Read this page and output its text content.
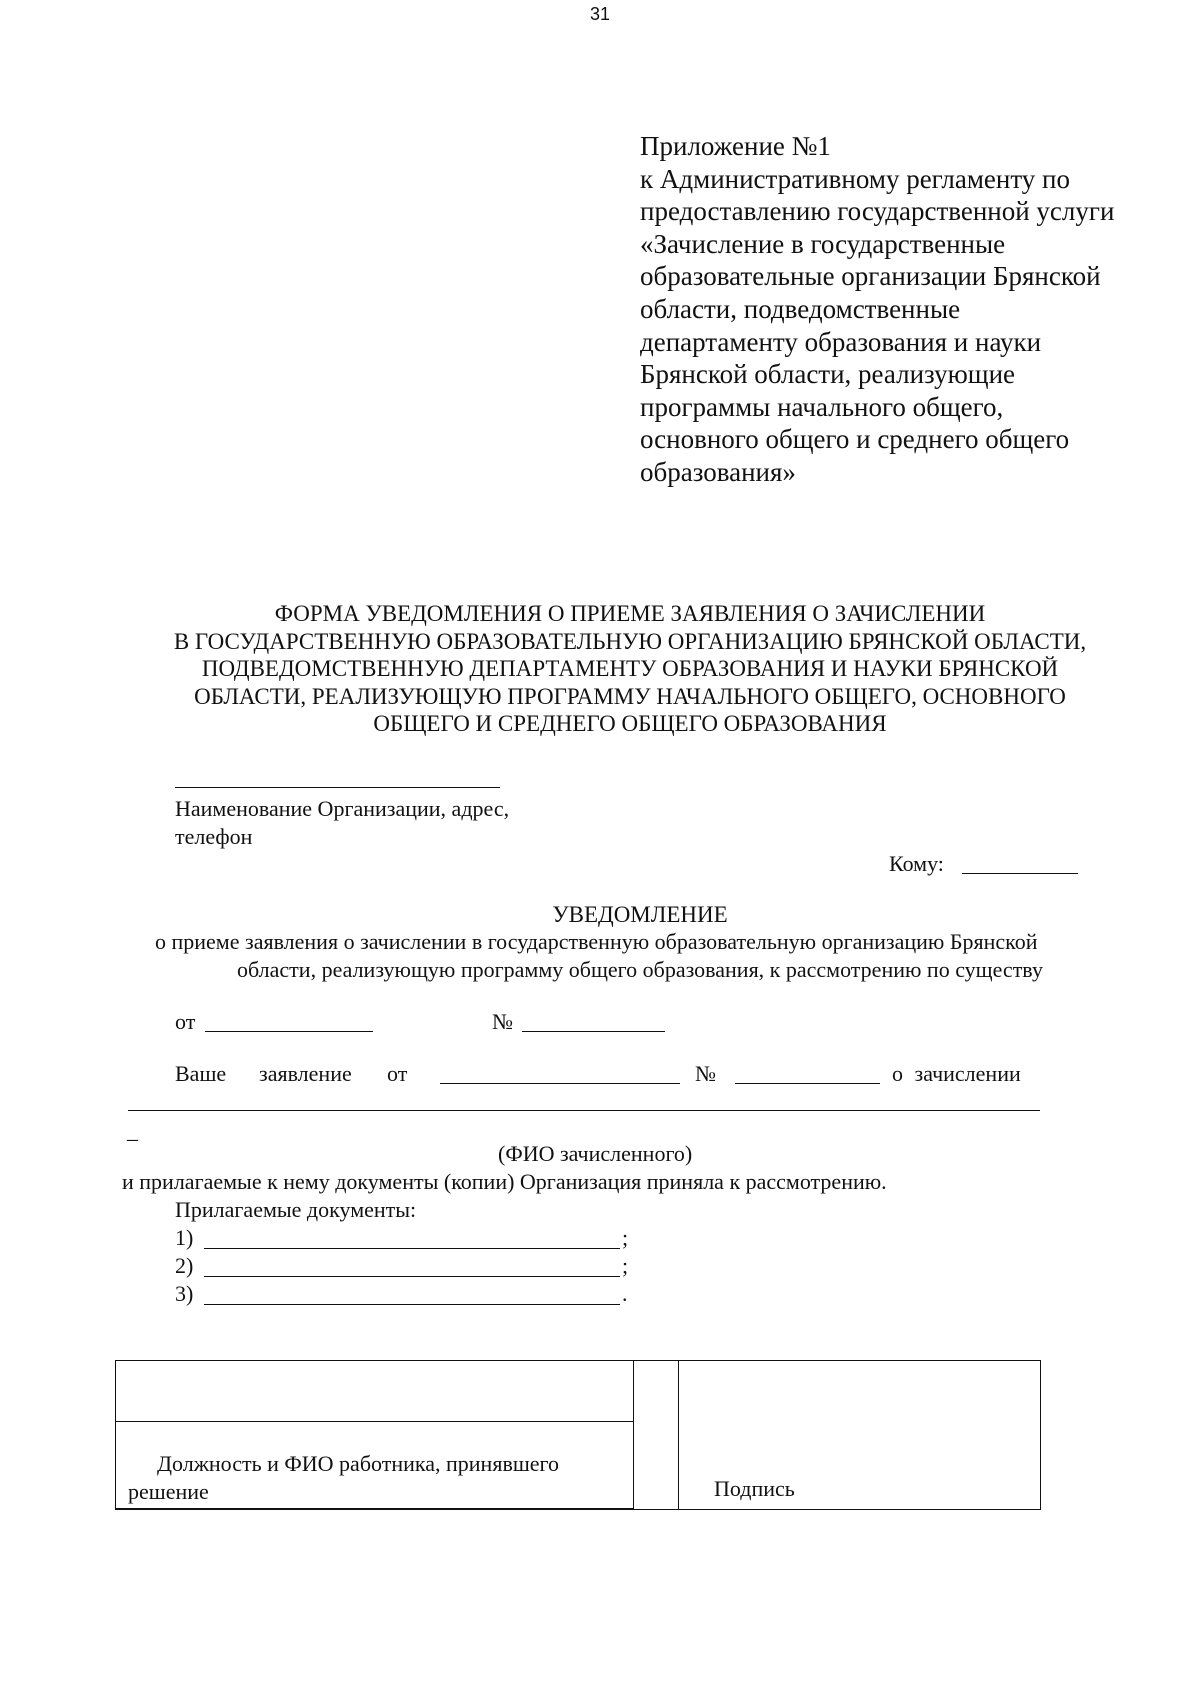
31
Приложение №1
к Административному регламенту по
предоставлению государственной услуги
«Зачисление в государственные
образовательные организации Брянской
области, подведомственные
департаменту образования и науки
Брянской области, реализующие
программы начального общего,
основного общего и среднего общего
образования»
ФОРМА УВЕДОМЛЕНИЯ О ПРИЕМЕ ЗАЯВЛЕНИЯ О ЗАЧИСЛЕНИИ
В ГОСУДАРСТВЕННУЮ ОБРАЗОВАТЕЛЬНУЮ ОРГАНИЗАЦИЮ БРЯНСКОЙ ОБЛАСТИ,
ПОДВЕДОМСТВЕННУЮ ДЕПАРТАМЕНТУ ОБРАЗОВАНИЯ И НАУКИ БРЯНСКОЙ
ОБЛАСТИ, РЕАЛИЗУЮЩУЮ ПРОГРАММУ НАЧАЛЬНОГО ОБЩЕГО, ОСНОВНОГО
ОБЩЕГО И СРЕДНЕГО ОБЩЕГО ОБРАЗОВАНИЯ
Наименование Организации, адрес,
телефон
Кому:
УВЕДОМЛЕНИЕ
о приеме заявления о зачислении в государственную образовательную организацию Брянской
области, реализующую программу общего образования, к рассмотрению по существу
от	№
Ваше заявление от	№	о зачислении
_
(ФИО зачисленного)
и прилагаемые к нему документы (копии) Организация приняла к рассмотрению.
Прилагаемые документы:
1)	;
2)	;
3)	.
Должность и ФИО работника, принявшего
решение	Подпись
